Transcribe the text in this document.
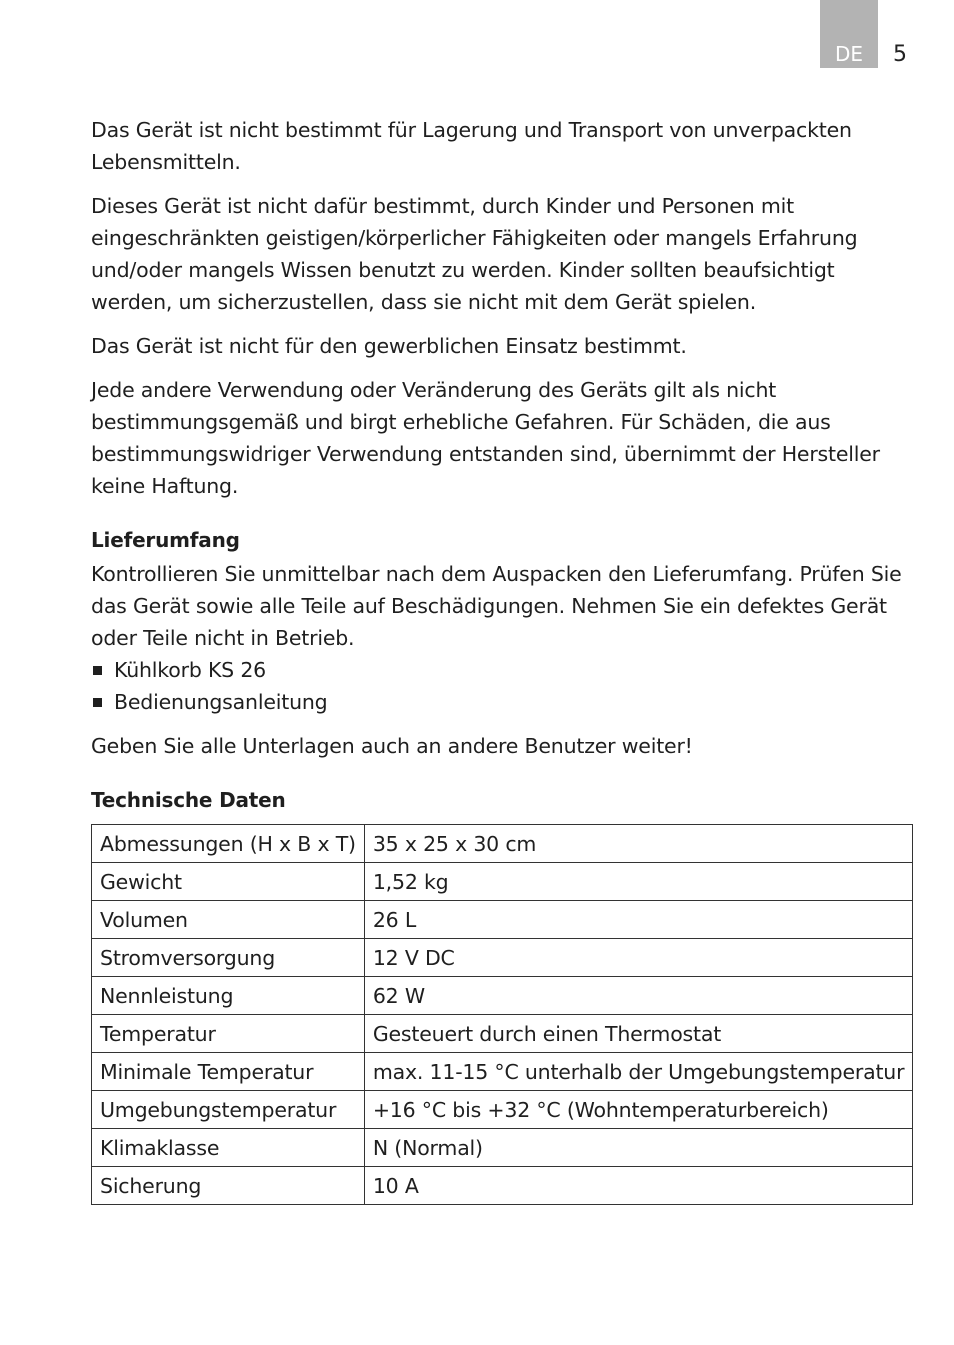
DE	5

Das Gerät ist nicht bestimmt für Lagerung und Transport von unverpackten Lebensmitteln.

Dieses Gerät ist nicht dafür bestimmt, durch Kinder und Personen mit eingeschränkten geistigen/körperlicher Fähigkeiten oder mangels Erfahrung und/oder mangels Wissen benutzt zu werden. Kinder sollten beaufsichtigt werden, um sicherzustellen, dass sie nicht mit dem Gerät spielen.

Das Gerät ist nicht für den gewerblichen Einsatz bestimmt.

Jede andere Verwendung oder Veränderung des Geräts gilt als nicht bestimmungsgemäß und birgt erhebliche Gefahren. Für Schäden, die aus bestimmungswidriger Verwendung entstanden sind, übernimmt der Hersteller keine Haftung.

Lieferumfang

Kontrollieren Sie unmittelbar nach dem Auspacken den Lieferumfang. Prüfen Sie das Gerät sowie alle Teile auf Beschädigungen. Nehmen Sie ein defektes Gerät oder Teile nicht in Betrieb.

Kühlkorb KS 26
Bedienungsanleitung

Geben Sie alle Unterlagen auch an andere Benutzer weiter!

Technische Daten
Abmessungen (H x B x T)	35 x 25 x 30 cm
Gewicht	1,52 kg
Volumen	26 L
Stromversorgung	12 V DC
Nennleistung	62 W
Temperatur	Gesteuert durch einen Thermostat
Minimale Temperatur	max. 11-15 °C unterhalb der Umgebungstemperatur
Umgebungstemperatur	+16 °C bis +32 °C (Wohntemperaturbereich)
Klimaklasse	N (Normal)
Sicherung	10 A
